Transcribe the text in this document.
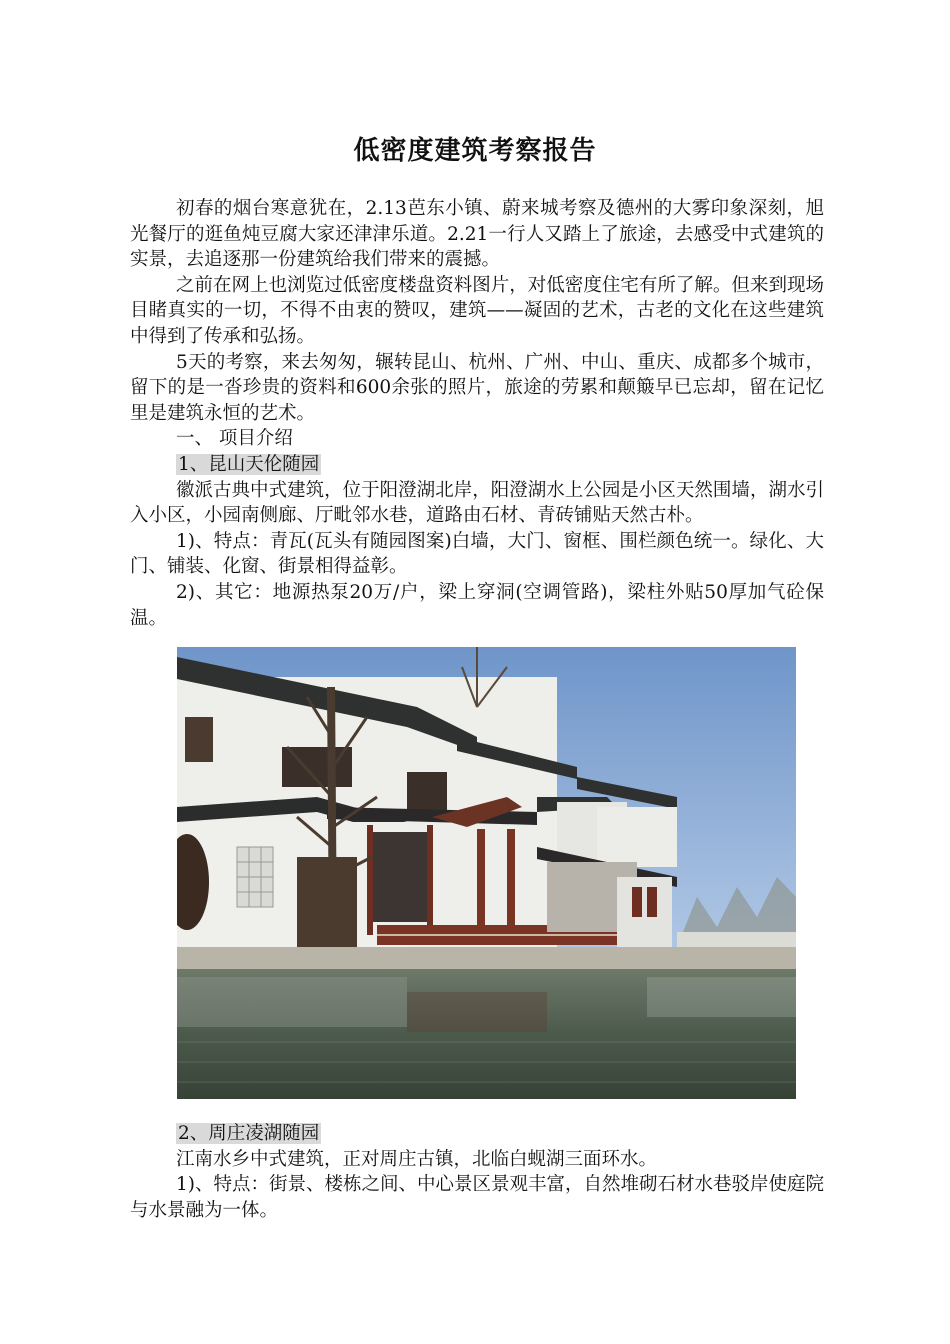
低密度建筑考察报告

初春的烟台寒意犹在，2.13芭东小镇、蔚来城考察及德州的大雾印象深刻，旭光餐厅的逛鱼炖豆腐大家还津津乐道。2.21一行人又踏上了旅途，去感受中式建筑的实景，去追逐那一份建筑给我们带来的震撼。

之前在网上也浏览过低密度楼盘资料图片，对低密度住宅有所了解。但来到现场目睹真实的一切，不得不由衷的赞叹，建筑——凝固的艺术，古老的文化在这些建筑中得到了传承和弘扬。

5天的考察，来去匆匆，辗转昆山、杭州、广州、中山、重庆、成都多个城市，留下的是一沓珍贵的资料和600余张的照片，旅途的劳累和颠簸早已忘却，留在记忆里是建筑永恒的艺术。

一、 项目介绍

1、昆山天伦随园

徽派古典中式建筑，位于阳澄湖北岸，阳澄湖水上公园是小区天然围墙，湖水引入小区，小园南侧廊、厅毗邻水巷，道路由石材、青砖铺贴天然古朴。

1)、特点：青瓦(瓦头有随园图案)白墙，大门、窗框、围栏颜色统一。绿化、大门、铺装、化窗、街景相得益彰。

2)、其它：地源热泵20万/户，梁上穿洞(空调管路)，梁柱外贴50厚加气砼保温。

2、周庄凌湖随园

江南水乡中式建筑，正对周庄古镇，北临白蚬湖三面环水。

1)、特点：街景、楼栋之间、中心景区景观丰富，自然堆砌石材水巷驳岸使庭院与水景融为一体。
